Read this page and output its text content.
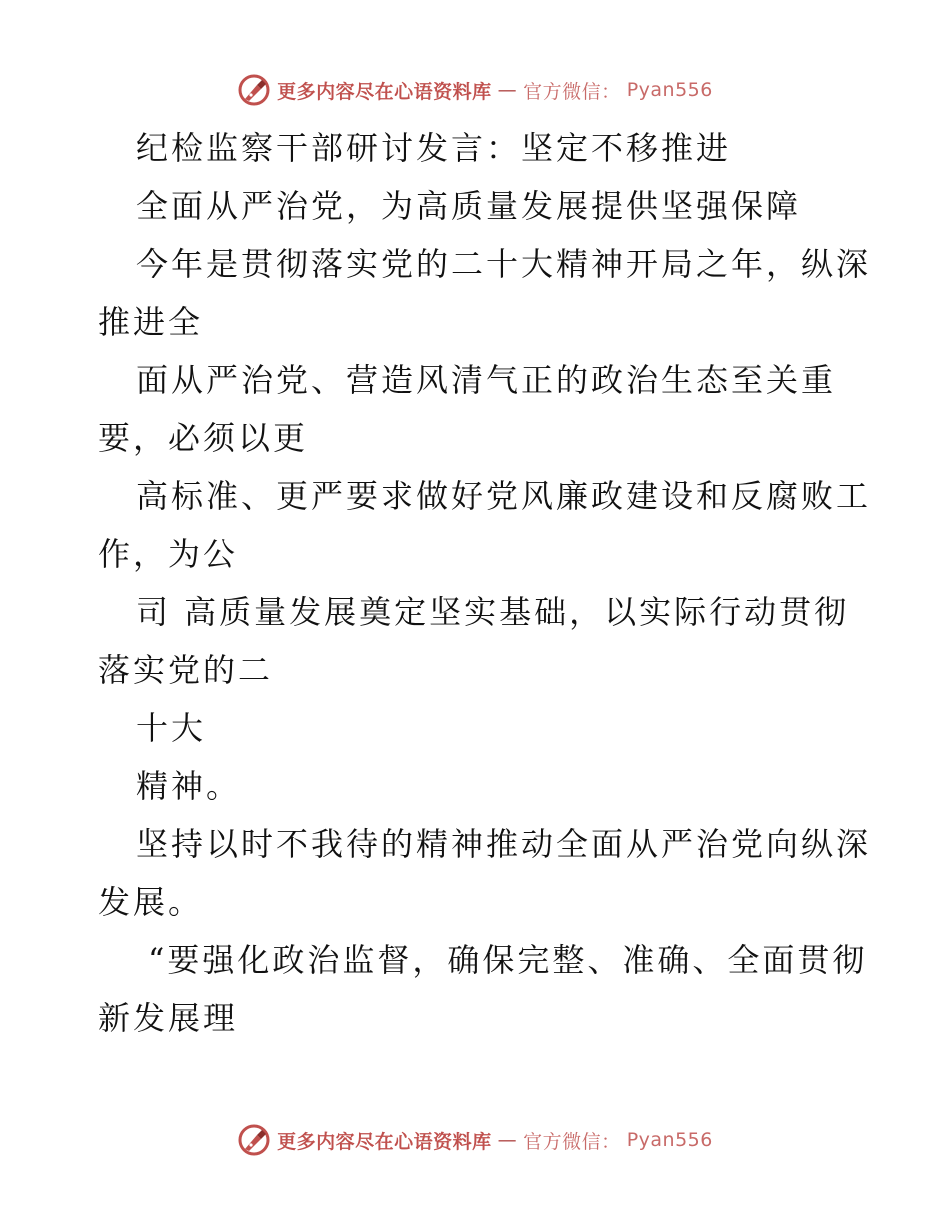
更多内容尽在心语资料库 — 官方微信： Pyan556
纪检监察干部研讨发言：坚定不移推进
全面从严治党，为高质量发展提供坚强保障
今年是贯彻落实党的二十大精神开局之年，纵深
推进全
面从严治党、营造风清气正的政治生态至关重
要，必须以更
高标准、更严要求做好党风廉政建设和反腐败工
作，为公
司 高质量发展奠定坚实基础，以实际行动贯彻
落实党的二
十大
精神。
坚持以时不我待的精神推动全面从严治党向纵深
发展。
“要强化政治监督，确保完整、准确、全面贯彻
新发展理
更多内容尽在心语资料库 — 官方微信： Pyan556
